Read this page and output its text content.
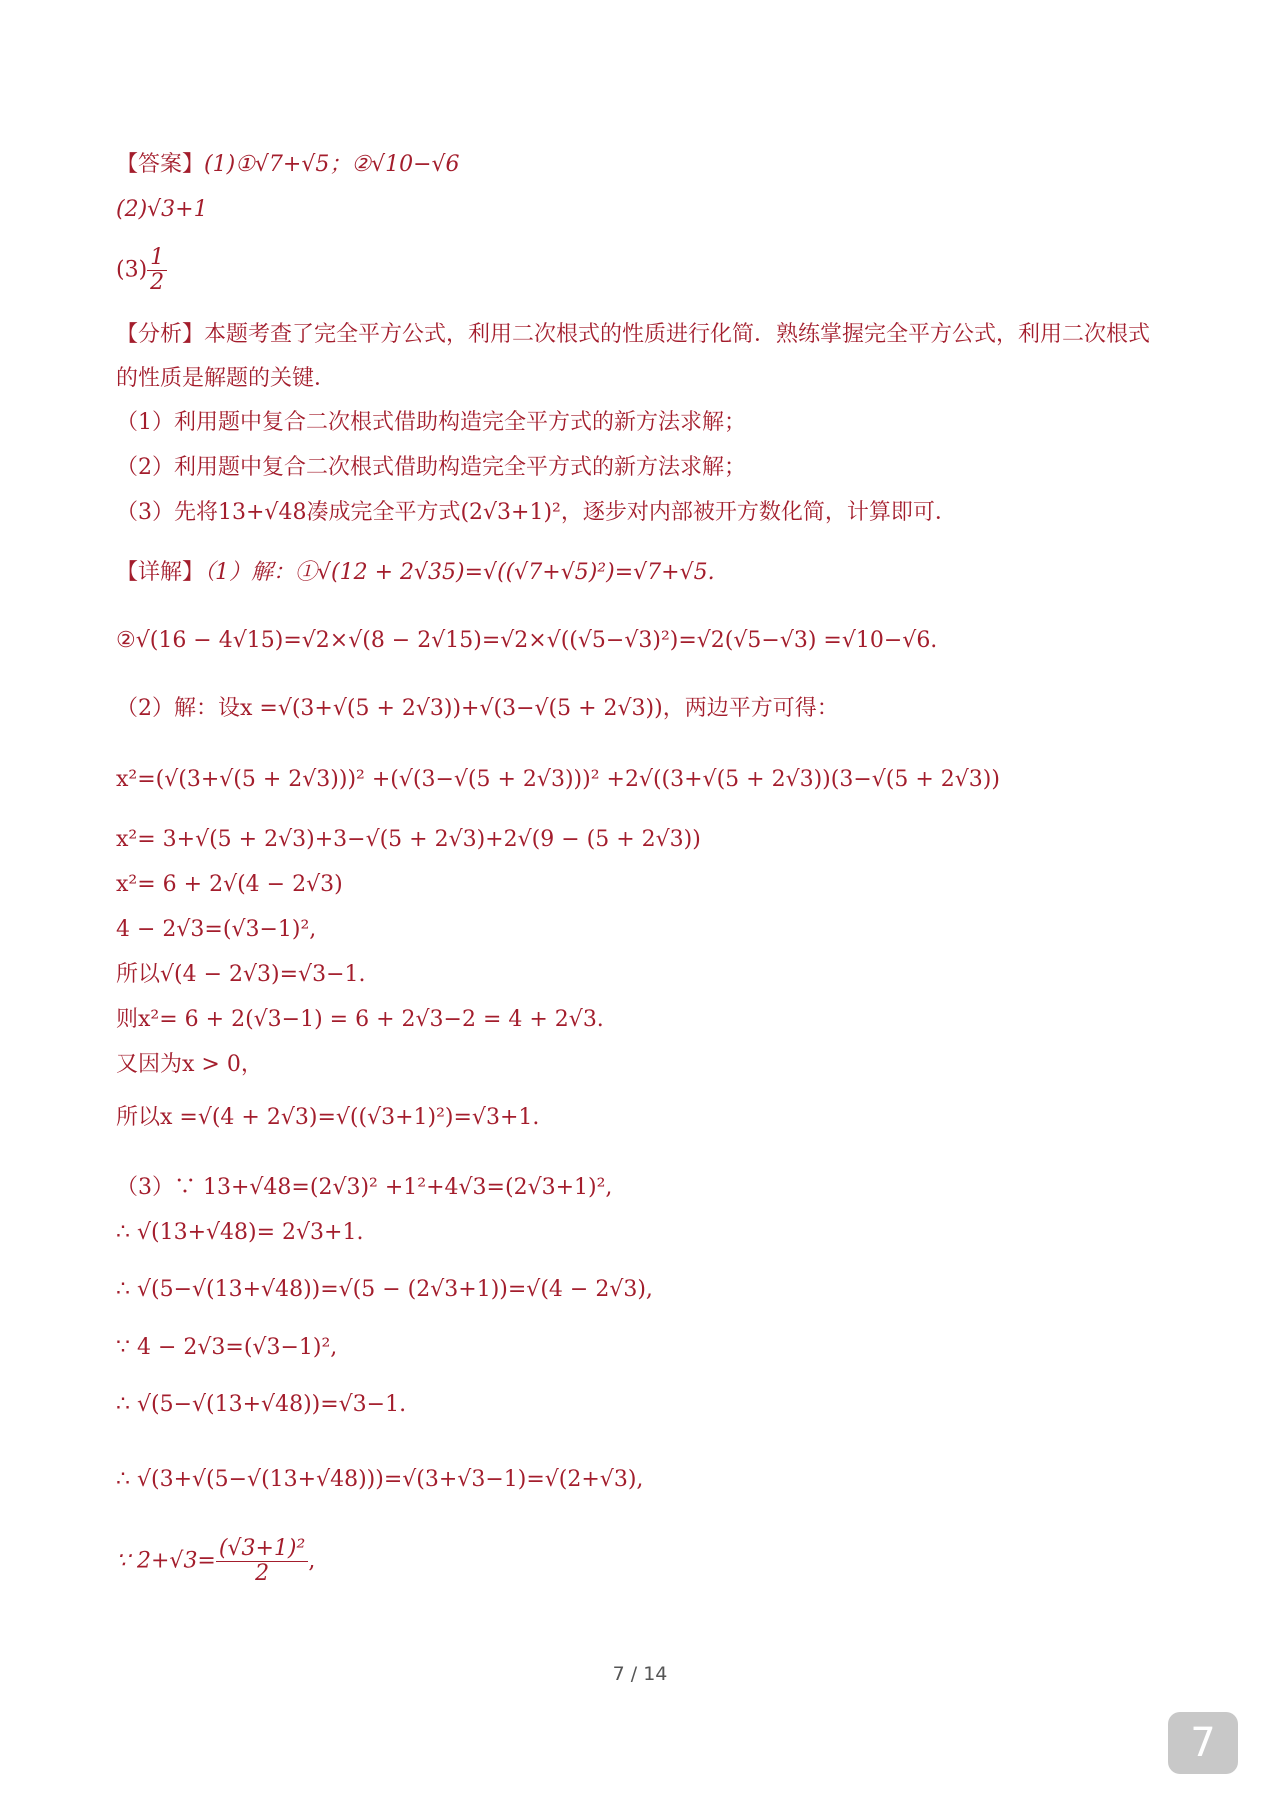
【答案】(1)①√7+√5；②√10−√6
(2)√3+1
$(3) \frac{1}{2}$
【分析】本题考查了完全平方公式，利用二次根式的性质进行化简．熟练掌握完全平方公式，利用二次根式
的性质是解题的关键．
（1）利用题中复合二次根式借助构造完全平方式的新方法求解；
（2）利用题中复合二次根式借助构造完全平方式的新方法求解；
（3）先将13+√48凑成完全平方式(2√3+1)²，逐步对内部被开方数化简，计算即可．
【详解】（1）解：①√(12 + 2√35)=√((√7+√5)²)=√7+√5.
②√(16 − 4√15)=√2×√(8 − 2√15)=√2×√((√5−√3)²)=√2(√5−√3) =√10−√6.
（2）解：设x =√(3+√(5 + 2√3))+√(3−√(5 + 2√3))，两边平方可得：
x²=(√(3+√(5 + 2√3)))² +(√(3−√(5 + 2√3)))² +2√((3+√(5 + 2√3))(3−√(5 + 2√3))
x²= 3+√(5 + 2√3)+3−√(5 + 2√3)+2√(9 − (5 + 2√3))
x²= 6 + 2√(4 − 2√3)
4 − 2√3=(√3−1)²,
所以√(4 − 2√3)=√3−1.
则x²= 6 + 2(√3−1) = 6 + 2√3−2 = 4 + 2√3.
又因为x > 0，
所以x =√(4 + 2√3)=√((√3+1)²)=√3+1.
（3）∵ 13+√48=(2√3)² +1²+4√3=(2√3+1)²,
∴ √(13+√48)= 2√3+1.
∴ √(5−√(13+√48))=√(5 − (2√3+1))=√(4 − 2√3),
∵ 4 − 2√3=(√3−1)²,
∴ √(5−√(13+√48))=√3−1.
∴ √(3+√(5−√(13+√48)))=√(3+√3−1)=√(2+√3),
∵ $2+√3= \frac{\text{(√3+1)²}}{2}$ ,
7 / 14
7
